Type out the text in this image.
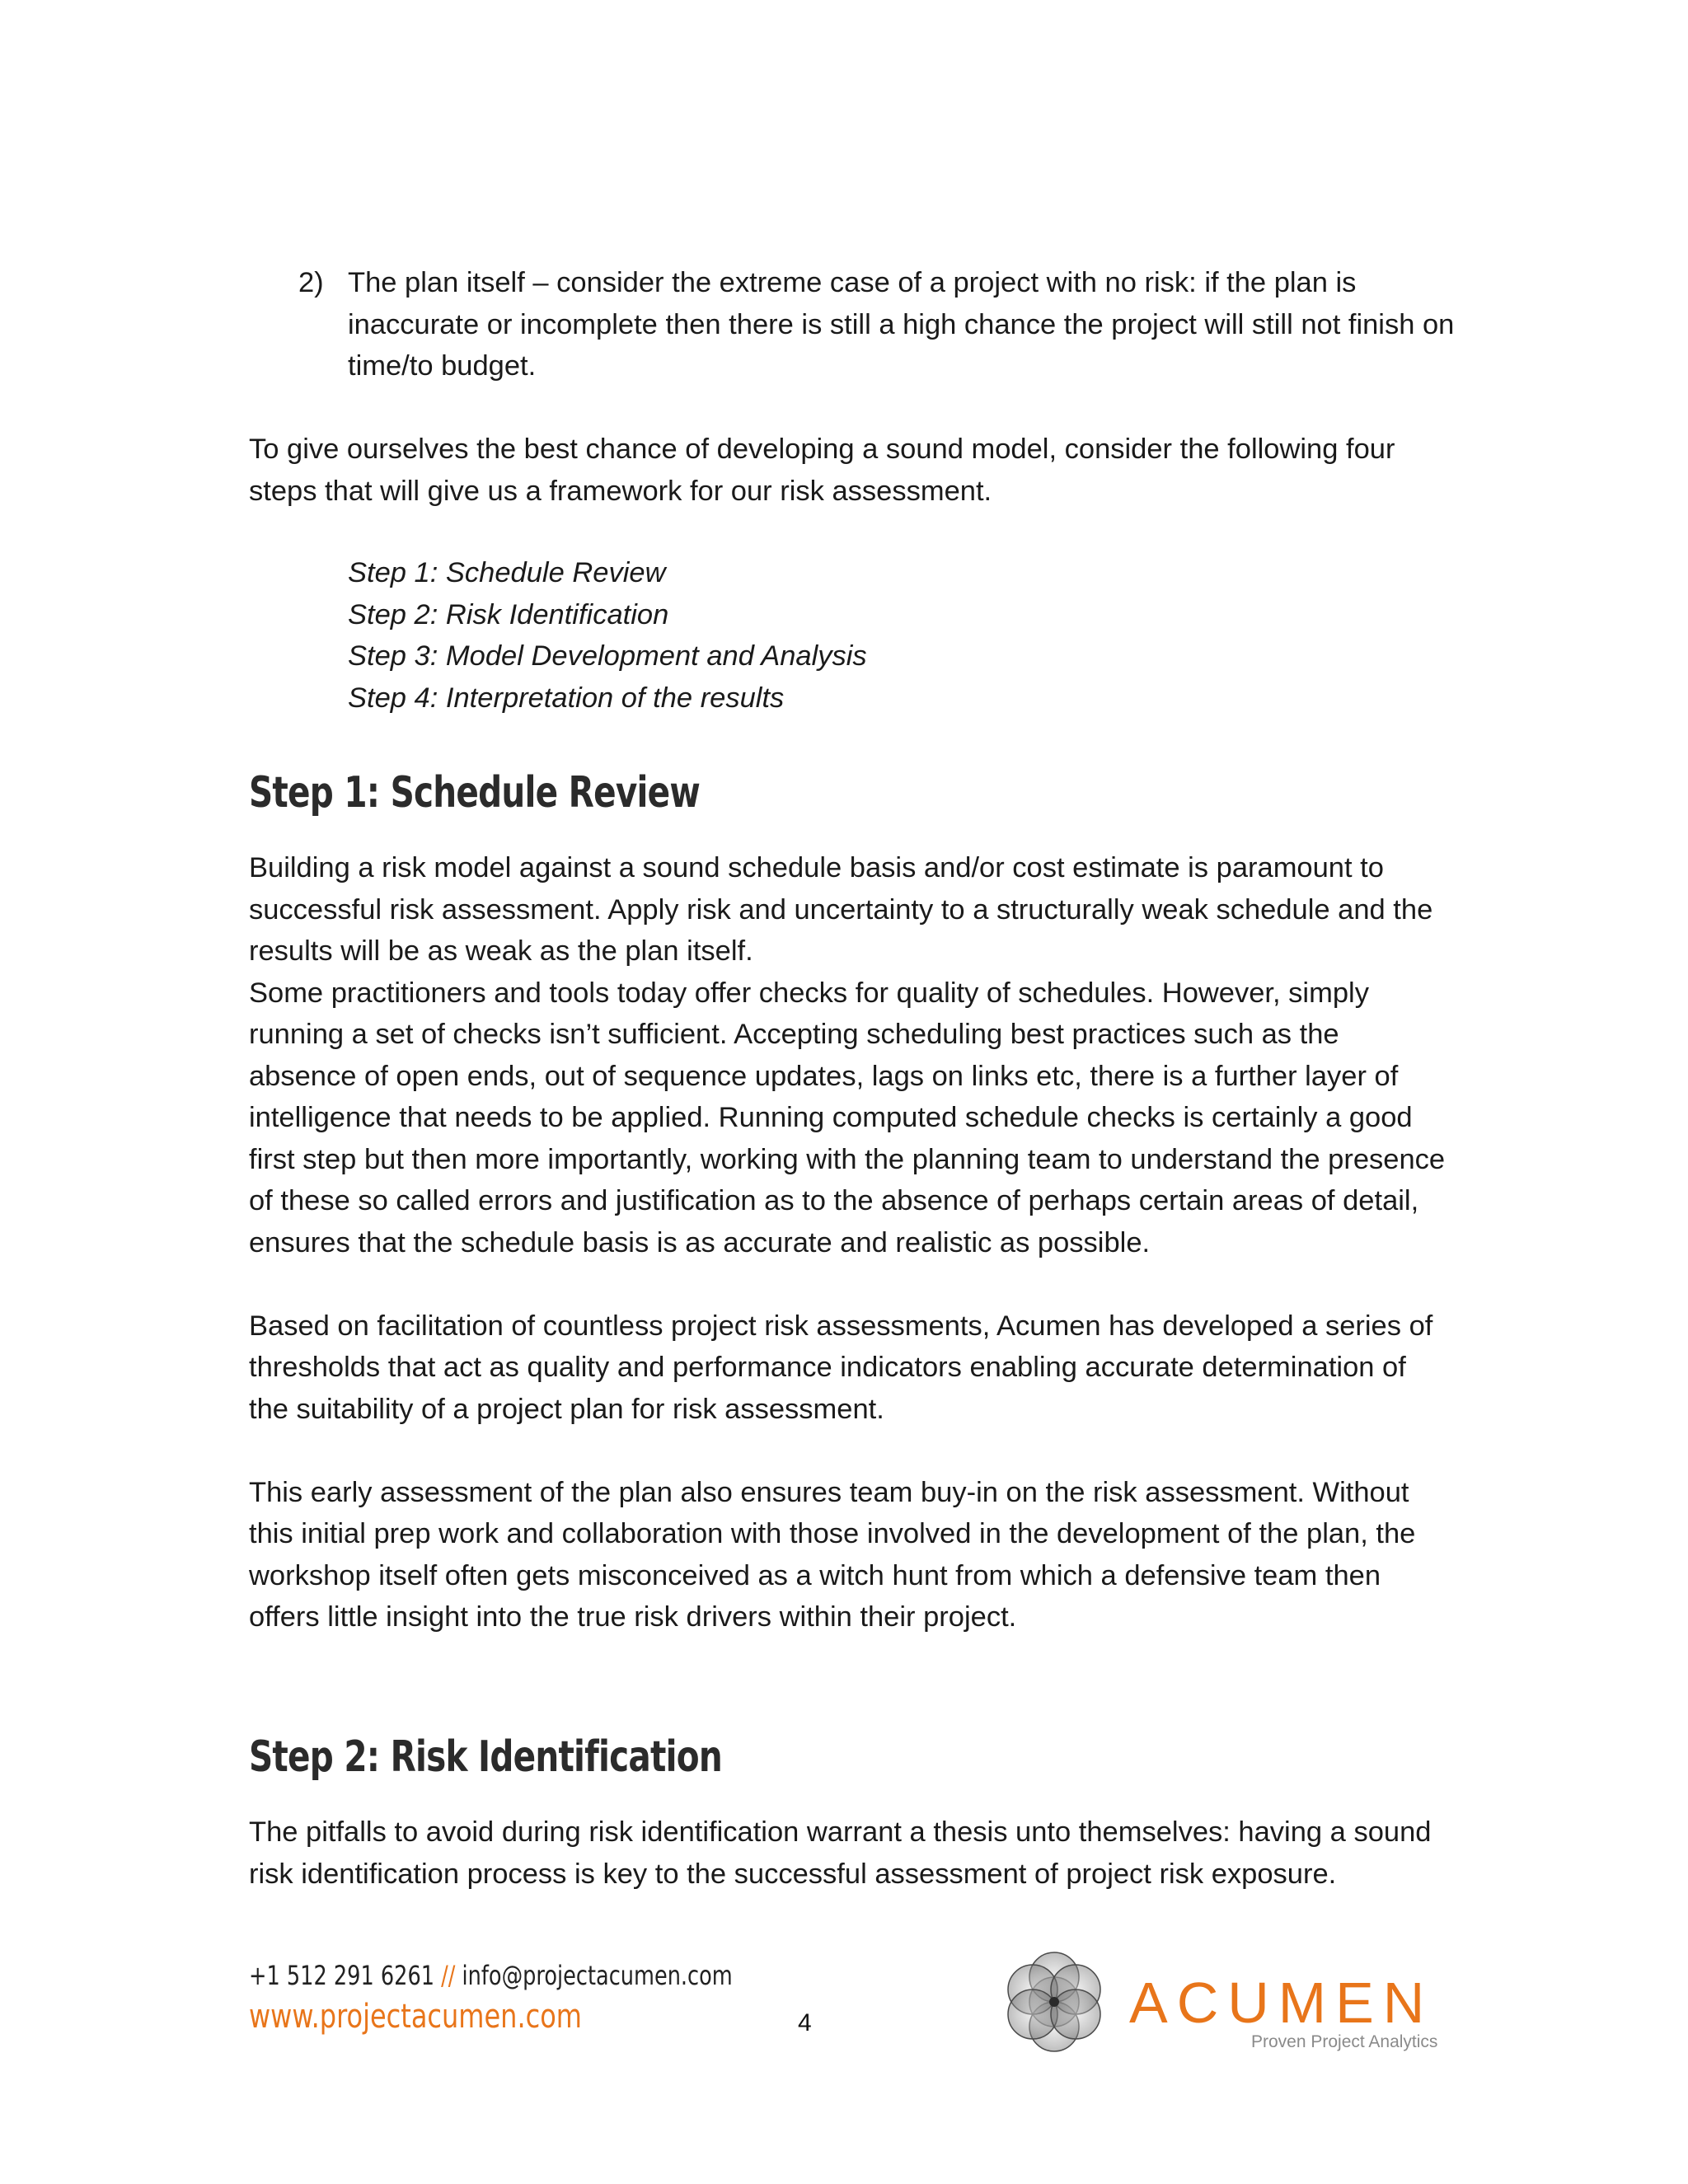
2) The plan itself – consider the extreme case of a project with no risk: if the plan is inaccurate or incomplete then there is still a high chance the project will still not finish on time/to budget.

To give ourselves the best chance of developing a sound model, consider the following four steps that will give us a framework for our risk assessment.

Step 1: Schedule Review
Step 2: Risk Identification
Step 3: Model Development and Analysis
Step 4: Interpretation of the results
Step 1: Schedule Review

Building a risk model against a sound schedule basis and/or cost estimate is paramount to successful risk assessment. Apply risk and uncertainty to a structurally weak schedule and the results will be as weak as the plan itself.

Some practitioners and tools today offer checks for quality of schedules. However, simply running a set of checks isn’t sufficient. Accepting scheduling best practices such as the absence of open ends, out of sequence updates, lags on links etc, there is a further layer of intelligence that needs to be applied. Running computed schedule checks is certainly a good first step but then more importantly, working with the planning team to understand the presence of these so called errors and justification as to the absence of perhaps certain areas of detail, ensures that the schedule basis is as accurate and realistic as possible.

Based on facilitation of countless project risk assessments, Acumen has developed a series of thresholds that act as quality and performance indicators enabling accurate determination of the suitability of a project plan for risk assessment.

This early assessment of the plan also ensures team buy-in on the risk assessment. Without this initial prep work and collaboration with those involved in the development of the plan, the workshop itself often gets misconceived as a witch hunt from which a defensive team then offers little insight into the true risk drivers within their project.

Step 2: Risk Identification

The pitfalls to avoid during risk identification warrant a thesis unto themselves: having a sound risk identification process is key to the successful assessment of project risk exposure.

+1 512 291 6261 // info@projectacumen.com
www.projectacumen.com	4	ACUMEN
Proven Project Analytics
